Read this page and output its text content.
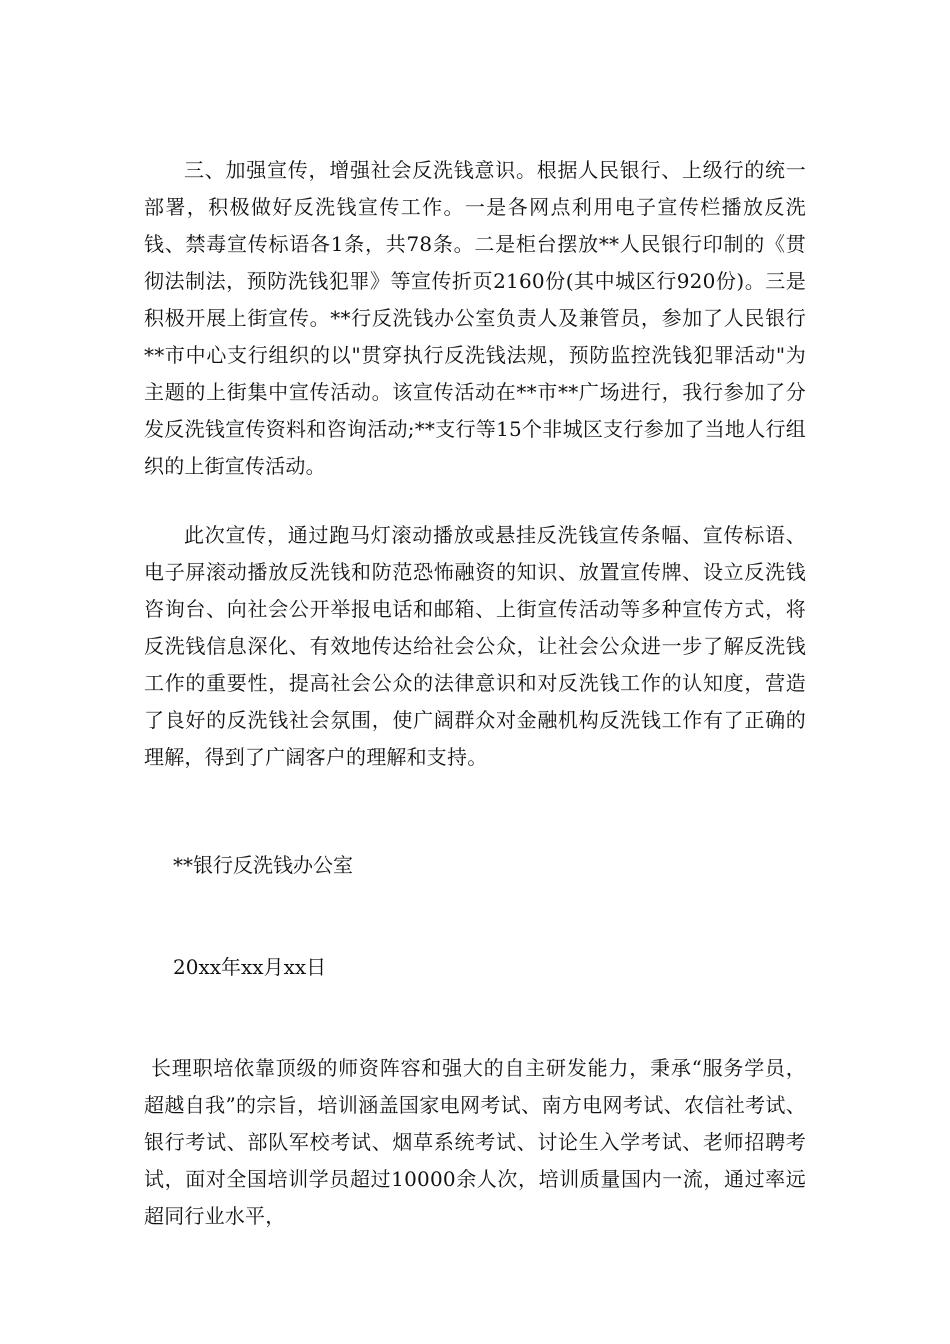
三、加强宣传，增强社会反洗钱意识。根据人民银行、上级行的统一部署，积极做好反洗钱宣传工作。一是各网点利用电子宣传栏播放反洗钱、禁毒宣传标语各1条，共78条。二是柜台摆放**人民银行印制的《贯彻法制法，预防洗钱犯罪》等宣传折页2160份(其中城区行920份)。三是积极开展上街宣传。**行反洗钱办公室负责人及兼管员，参加了人民银行**市中心支行组织的以"贯穿执行反洗钱法规，预防监控洗钱犯罪活动"为主题的上街集中宣传活动。该宣传活动在**市**广场进行，我行参加了分发反洗钱宣传资料和咨询活动;**支行等15个非城区支行参加了当地人行组织的上街宣传活动。

此次宣传，通过跑马灯滚动播放或悬挂反洗钱宣传条幅、宣传标语、电子屏滚动播放反洗钱和防范恐怖融资的知识、放置宣传牌、设立反洗钱咨询台、向社会公开举报电话和邮箱、上街宣传活动等多种宣传方式，将反洗钱信息深化、有效地传达给社会公众，让社会公众进一步了解反洗钱工作的重要性，提高社会公众的法律意识和对反洗钱工作的认知度，营造了良好的反洗钱社会氛围，使广阔群众对金融机构反洗钱工作有了正确的理解，得到了广阔客户的理解和支持。

**银行反洗钱办公室

20xx年xx月xx日

长理职培依靠顶级的师资阵容和强大的自主研发能力，秉承“服务学员，超越自我”的宗旨，培训涵盖国家电网考试、南方电网考试、农信社考试、银行考试、部队军校考试、烟草系统考试、讨论生入学考试、老师招聘考试，面对全国培训学员超过10000余人次，培训质量国内一流，通过率远超同行业水平，
